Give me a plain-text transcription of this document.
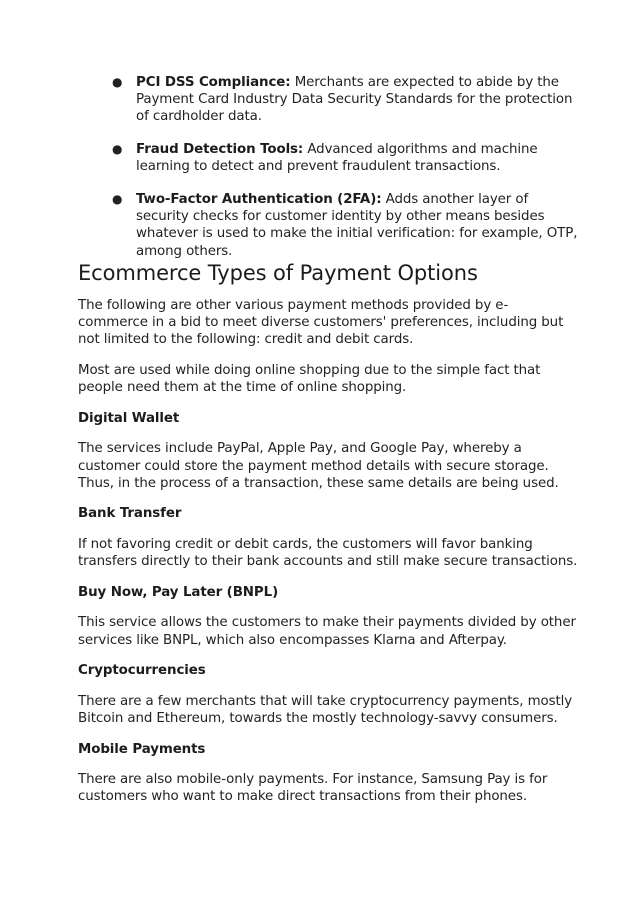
● PCI DSS Compliance: Merchants are expected to abide by the Payment Card Industry Data Security Standards for the protection of cardholder data.
● Fraud Detection Tools: Advanced algorithms and machine learning to detect and prevent fraudulent transactions.
● Two-Factor Authentication (2FA): Adds another layer of security checks for customer identity by other means besides whatever is used to make the initial verification: for example, OTP, among others.
Ecommerce Types of Payment Options

The following are other various payment methods provided by e-commerce in a bid to meet diverse customers' preferences, including but not limited to the following: credit and debit cards.

Most are used while doing online shopping due to the simple fact that people need them at the time of online shopping.

Digital Wallet

The services include PayPal, Apple Pay, and Google Pay, whereby a customer could store the payment method details with secure storage. Thus, in the process of a transaction, these same details are being used.

Bank Transfer

If not favoring credit or debit cards, the customers will favor banking transfers directly to their bank accounts and still make secure transactions.

Buy Now, Pay Later (BNPL)

This service allows the customers to make their payments divided by other services like BNPL, which also encompasses Klarna and Afterpay.

Cryptocurrencies

There are a few merchants that will take cryptocurrency payments, mostly Bitcoin and Ethereum, towards the mostly technology-savvy consumers.

Mobile Payments

There are also mobile-only payments. For instance, Samsung Pay is for customers who want to make direct transactions from their phones.
